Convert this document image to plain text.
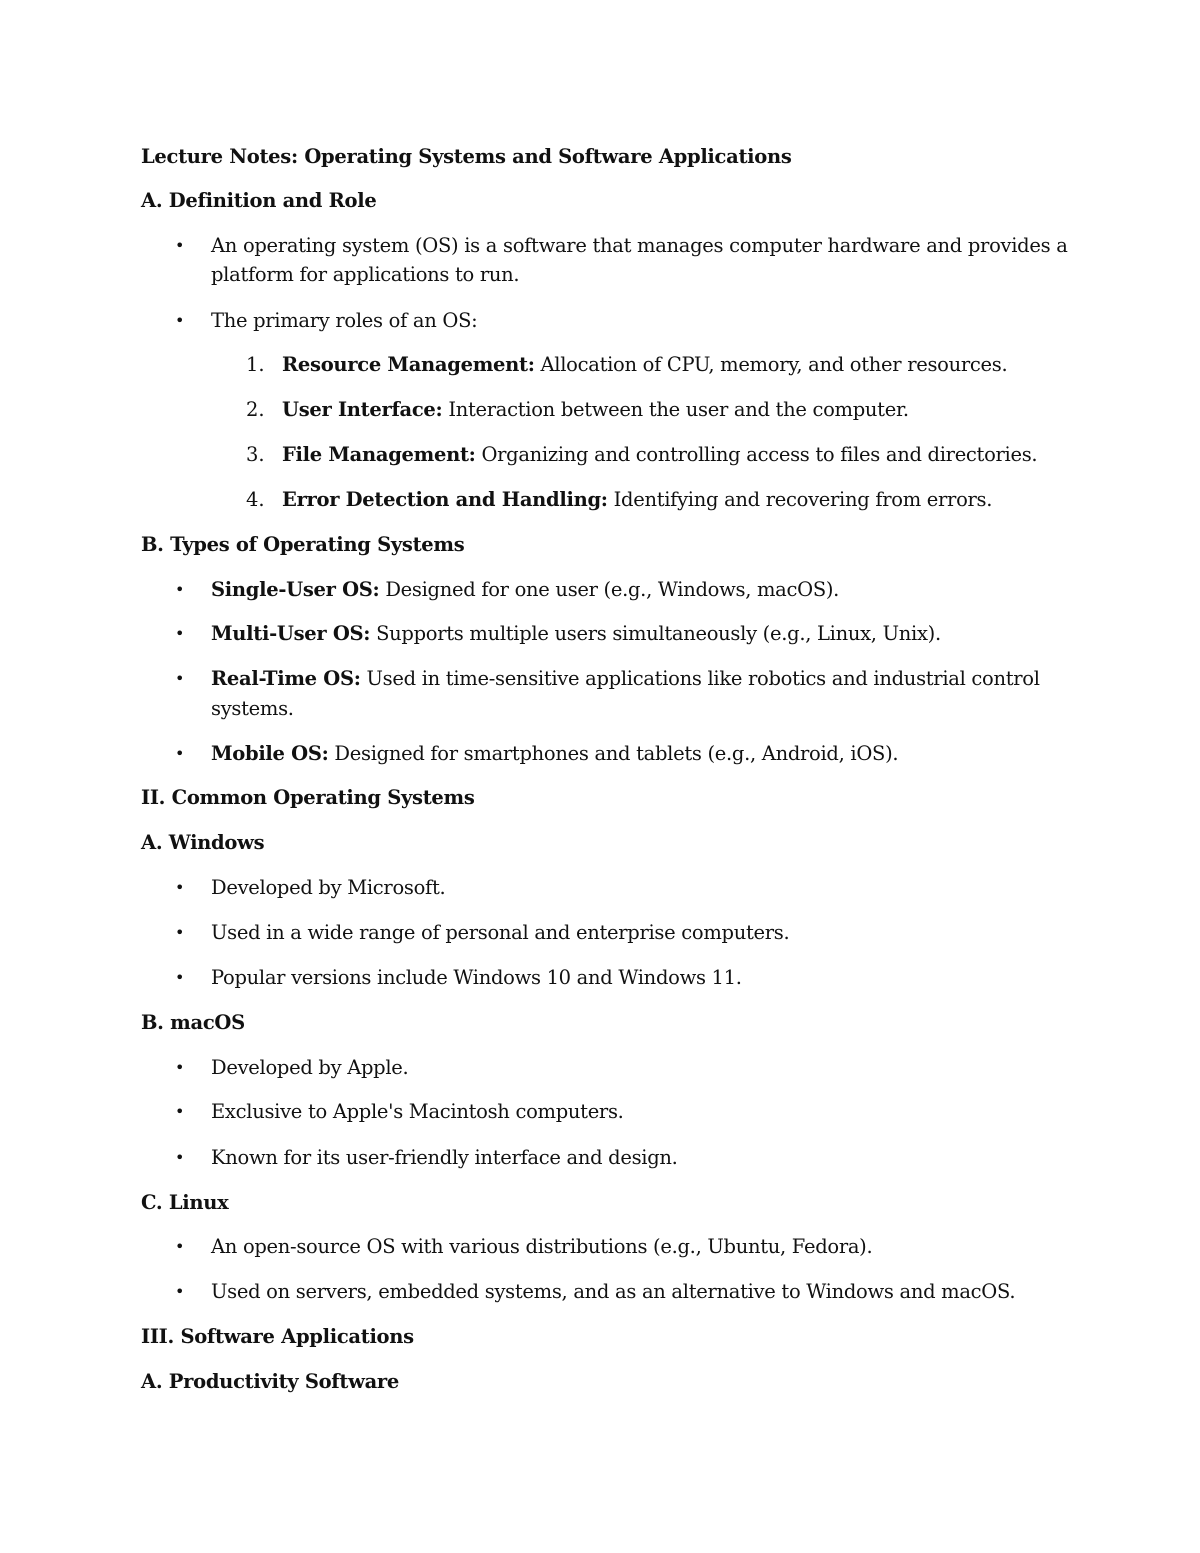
Lecture Notes: Operating Systems and Software Applications
A. Definition and Role
• An operating system (OS) is a software that manages computer hardware and provides a
platform for applications to run.
• The primary roles of an OS:
1. Resource Management: Allocation of CPU, memory, and other resources.
2. User Interface: Interaction between the user and the computer.
3. File Management: Organizing and controlling access to files and directories.
4. Error Detection and Handling: Identifying and recovering from errors.
B. Types of Operating Systems
• Single-User OS: Designed for one user (e.g., Windows, macOS).
• Multi-User OS: Supports multiple users simultaneously (e.g., Linux, Unix).
• Real-Time OS: Used in time-sensitive applications like robotics and industrial control
systems.
• Mobile OS: Designed for smartphones and tablets (e.g., Android, iOS).
II. Common Operating Systems
A. Windows
• Developed by Microsoft.
• Used in a wide range of personal and enterprise computers.
• Popular versions include Windows 10 and Windows 11.
B. macOS
• Developed by Apple.
• Exclusive to Apple's Macintosh computers.
• Known for its user-friendly interface and design.
C. Linux
• An open-source OS with various distributions (e.g., Ubuntu, Fedora).
• Used on servers, embedded systems, and as an alternative to Windows and macOS.
III. Software Applications
A. Productivity Software
